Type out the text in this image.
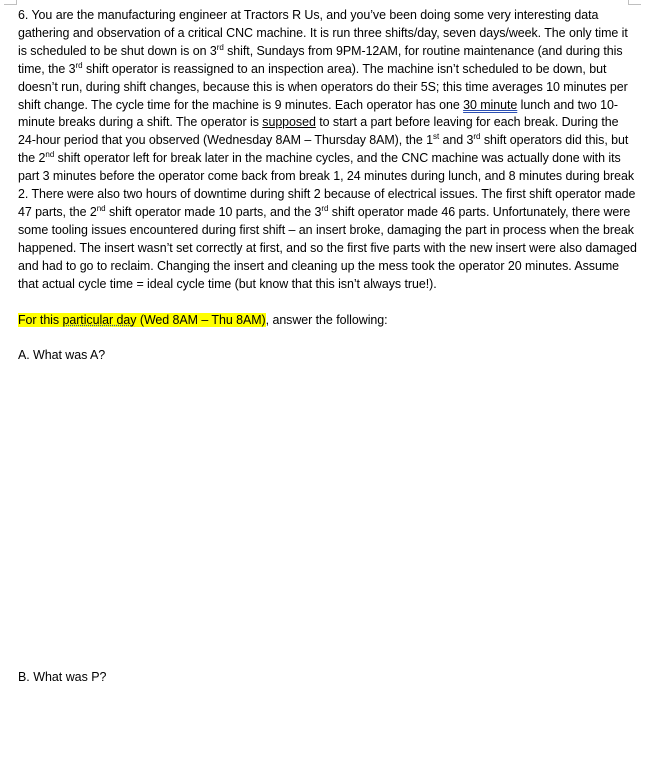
6. You are the manufacturing engineer at Tractors R Us, and you’ve been doing some very interesting data gathering and observation of a critical CNC machine. It is run three shifts/day, seven days/week. The only time it is scheduled to be shut down is on 3rd shift, Sundays from 9PM-12AM, for routine maintenance (and during this time, the 3rd shift operator is reassigned to an inspection area). The machine isn’t scheduled to be down, but doesn’t run, during shift changes, because this is when operators do their 5S; this time averages 10 minutes per shift change. The cycle time for the machine is 9 minutes. Each operator has one 30 minute lunch and two 10-minute breaks during a shift. The operator is supposed to start a part before leaving for each break. During the 24-hour period that you observed (Wednesday 8AM – Thursday 8AM), the 1st and 3rd shift operators did this, but the 2nd shift operator left for break later in the machine cycles, and the CNC machine was actually done with its part 3 minutes before the operator come back from break 1, 24 minutes during lunch, and 8 minutes during break 2. There were also two hours of downtime during shift 2 because of electrical issues. The first shift operator made 47 parts, the 2nd shift operator made 10 parts, and the 3rd shift operator made 46 parts. Unfortunately, there were some tooling issues encountered during first shift – an insert broke, damaging the part in process when the break happened. The insert wasn’t set correctly at first, and so the first five parts with the new insert were also damaged and had to go to reclaim. Changing the insert and cleaning up the mess took the operator 20 minutes. Assume that actual cycle time = ideal cycle time (but know that this isn’t always true!).

For this particular day (Wed 8AM – Thu 8AM), answer the following:

A. What was A?

B. What was P?
